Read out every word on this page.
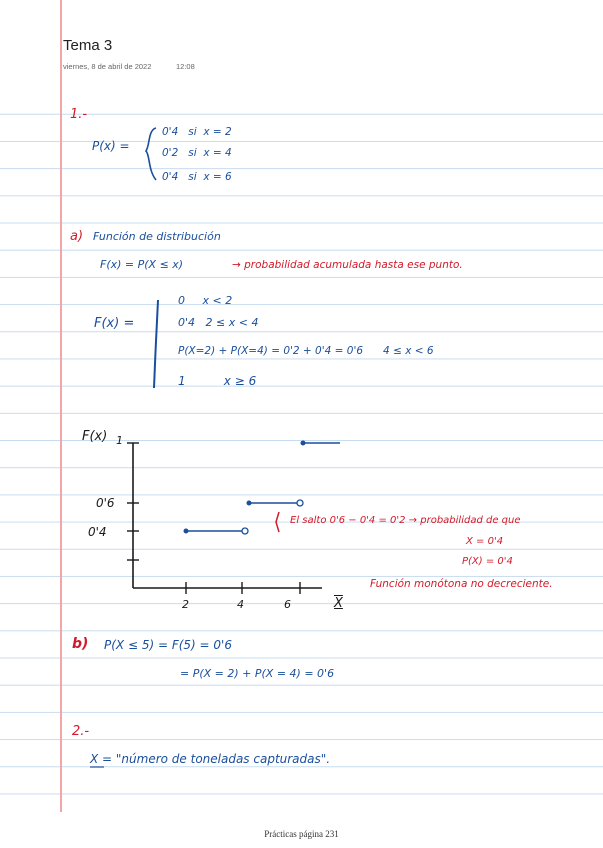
Tema 3
viernes, 8 de abril de 2022	12:08
1.-
P(x) =
0'4   si  x = 2
0'2   si  x = 4
0'4   si  x = 6
a) Función de distribución
F(x) = P(X ≤ x)	→ probabilidad acumulada hasta ese punto.
F(x) =
0     x < 2
0'4   2 ≤ x < 4
P(X=2) + P(X=4) = 0'2 + 0'4 = 0'6      4 ≤ x < 6
1          x ≥ 6
F(x) 1
0'6
0'4
2	4	6	X
El salto 0'6 − 0'4 = 0'2 → probabilidad de que
X = 0'4
P(X) = 0'4
Función monótona no decreciente.
b) P(X ≤ 5) = F(5) = 0'6
= P(X = 2) + P(X = 4) = 0'6
2.-
X = "número de toneladas capturadas".
Prácticas página 231
